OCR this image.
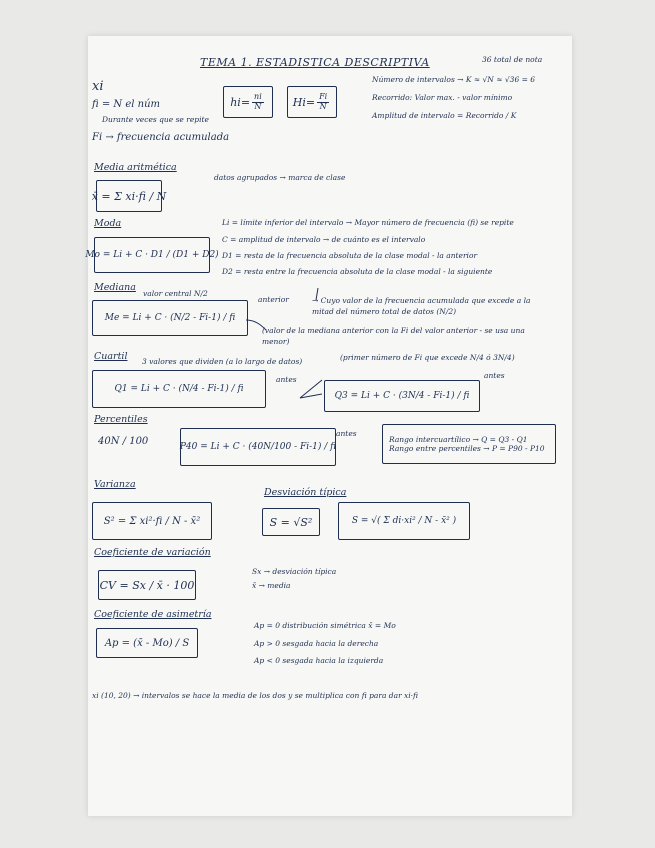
TEMA 1. ESTADISTICA DESCRIPTIVA	36 total de nota
xi
fi = N el núm
Durante veces que se repite
Fi → frecuencia acumulada
$hi= \frac{ni}{N}$	$Hi= \frac{Fi}{N}$
Número de intervalos → K ≈ √N ≈ √36 = 6
Recorrido: Valor max. - valor mínimo
Amplitud de intervalo = Recorrido / K
Media aritmética
x̄ = Σ xi·fi / N
datos agrupados → marca de clase
Moda
Mo = Li + C · D1 / (D1 + D2)
Li = límite inferior del intervalo → Mayor número de frecuencia (fi) se repite
C = amplitud de intervalo → de cuánto es el intervalo
D1 = resta de la frecuencia absoluta de la clase modal - la anterior
D2 = resta entre la frecuencia absoluta de la clase modal - la siguiente
Mediana
valor central N/2
Me = Li + C · (N/2 - Fi-1) / fi
anterior	→ Cuyo valor de la frecuencia acumulada que excede a la mitad del número total de datos (N/2)
(valor de la mediana anterior con la Fi del valor anterior - se usa una menor)
Cuartil 3 valores que dividen (a lo largo de datos)	(primer número de Fi que excede N/4 ó 3N/4)
Q1 = Li + C · (N/4 - Fi-1) / fi
antes
Q3 = Li + C · (3N/4 - Fi-1) / fi
antes
Percentiles
40N / 100	P40 = Li + C · (40N/100 - Fi-1) / fi
antes
Rango intercuartílico → Q = Q3 - Q1
Rango entre percentiles → P = P90 - P10
Varianza
S² = Σ xi²·fi / N - x̄²
Desviación típica
S = √S²	S = √( Σ di·xi² / N - x̄² )
Coeficiente de variación
CV = Sx / x̄ · 100
Sx → desviación típica
x̄ → media
Coeficiente de asimetría
Ap = (x̄ - Mo) / S
Ap = 0 distribución simétrica x̄ = Mo
Ap > 0 sesgada hacia la derecha
Ap < 0 sesgada hacia la izquierda
xi (10, 20) → intervalos se hace la media de los dos y se multiplica con fi para dar xi·fi
